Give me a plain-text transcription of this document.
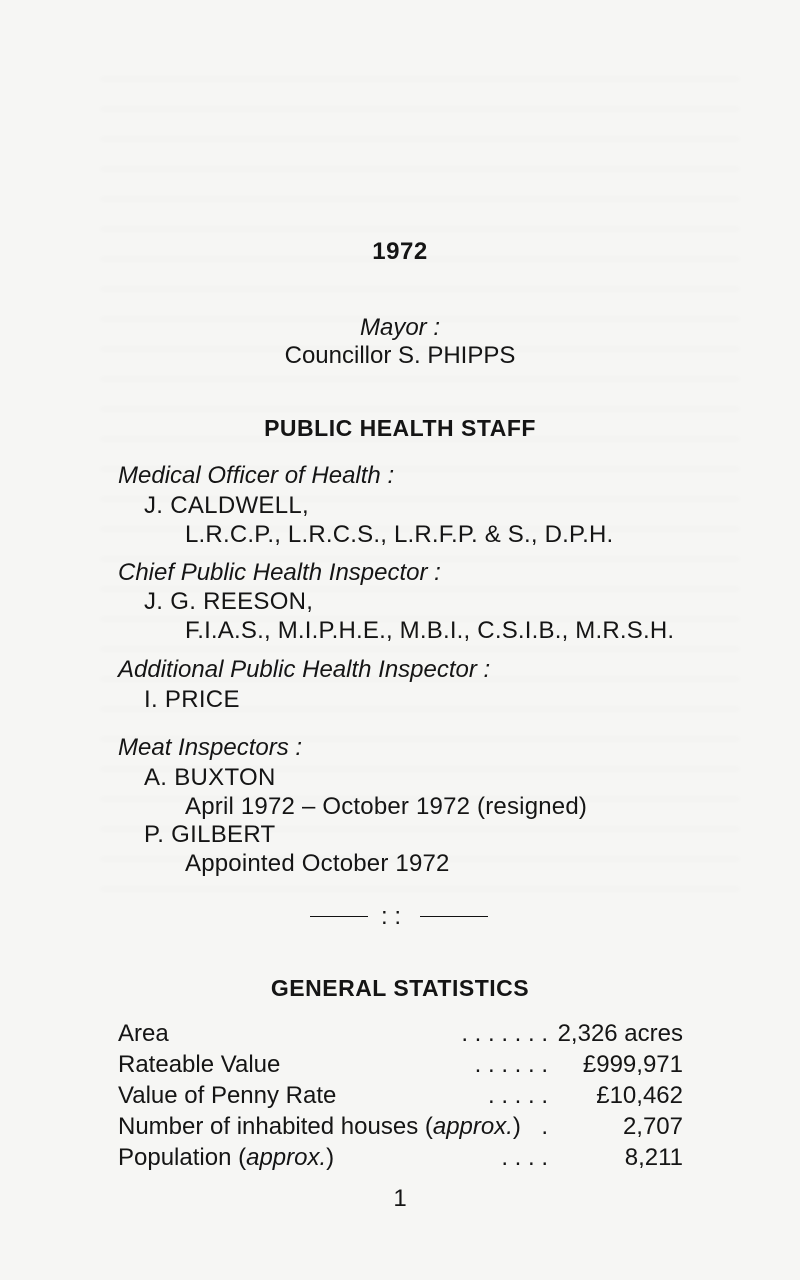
1972
Mayor :
Councillor S. PHIPPS
PUBLIC HEALTH STAFF
Medical Officer of Health :
J. CALDWELL,
L.R.C.P., L.R.C.S., L.R.F.P. & S., D.P.H.
Chief Public Health Inspector :
J. G. REESON,
F.I.A.S., M.I.P.H.E., M.B.I., C.S.I.B., M.R.S.H.
Additional Public Health Inspector :
I. PRICE
Meat Inspectors :
A. BUXTON
April 1972 – October 1972 (resigned)
P. GILBERT
Appointed October 1972
: :
GENERAL STATISTICS
Area	. . . . . . . 2,326 acres
Rateable Value	. . . . . . £999,971
Value of Penny Rate	. . . . . £10,462
Number of inhabited houses (approx.) .	2,707
Population (approx.)	. . . .	8,211
1
